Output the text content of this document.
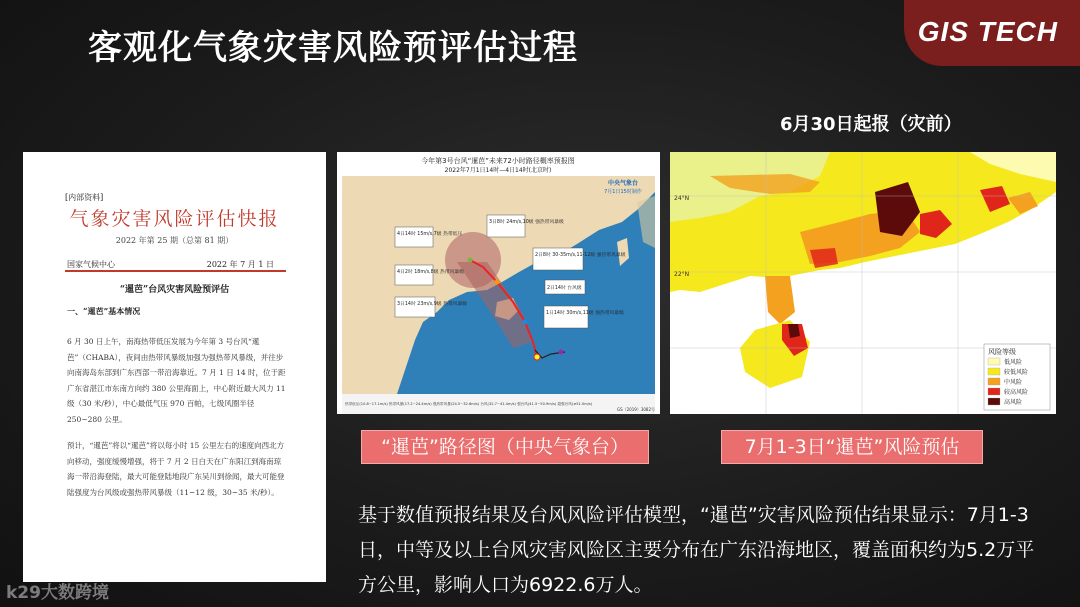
GIS TECH
客观化气象灾害风险预评估过程
6月30日起报（灾前）
[内部资料]
气象灾害风险评估快报
2022 年第 25 期（总第 81 期）
国家气候中心	2022 年 7 月 1 日
“暹芭”台风灾害风险预评估
一、“暹芭”基本情况
6 月 30 日上午，南海热带低压发展为今年第 3 号台风“暹芭”（CHABA），夜间由热带风暴级加强为强热带风暴级，并往步向南海岛东部到广东西部一带沿海靠近。7 月 1 日 14 时，位于距广东省湛江市东南方向约 380 公里海面上，中心附近最大风力 11 级（30 米/秒），中心最低气压 970 百帕，七级风圈半径 250~280 公里。
预计，“暹芭”将以“暹芭”将以每小时 15 公里左右的速度向西北方向移动，强度缓慢增强，将于 7 月 2 日白天在广东阳江到海南琼海一带沿海登陆，最大可能登陆地段广东吴川到徐闻，最大可能登陆强度为台风级或强热带风暴级（11~12 级，30~35 米/秒）。
今年第3号台风“暹芭”未来72小时路径概率预报图
2022年7月1日14时—4日14时(北京时)
3日8时 24m/s,10级 强热带风暴级
4日14时 15m/s,7级 热带低压
4日2时 18m/s,8级 热带风暴级
2日8时 30-35m/s,11-12级 强热带风暴级
2日14时 台风级
1日14时 30m/s,11级 强热带风暴级
3日14时 23m/s,9级 热带风暴级
中央气象台
7月1日15时制作
热带低压(10.8~17.1m/s) 热带风暴(17.2~24.4m/s) 强热带风暴(24.5~32.6m/s) 台风(32.7~41.4m/s) 强台风(41.5~50.9m/s) 超强台风(≥51.0m/s)
GS（2019）3082号
24°N
22°N
风险等级
低风险
较低风险
中风险
较高风险
高风险
“暹芭”路径图（中央气象台）	7月1-3日“暹芭”风险预估
基于数值预报结果及台风风险评估模型，“暹芭”灾害风险预估结果显示：7月1-3日，中等及以上台风灾害风险区主要分布在广东沿海地区，覆盖面积约为5.2万平方公里，影响人口为6922.6万人。
k29大数跨境
